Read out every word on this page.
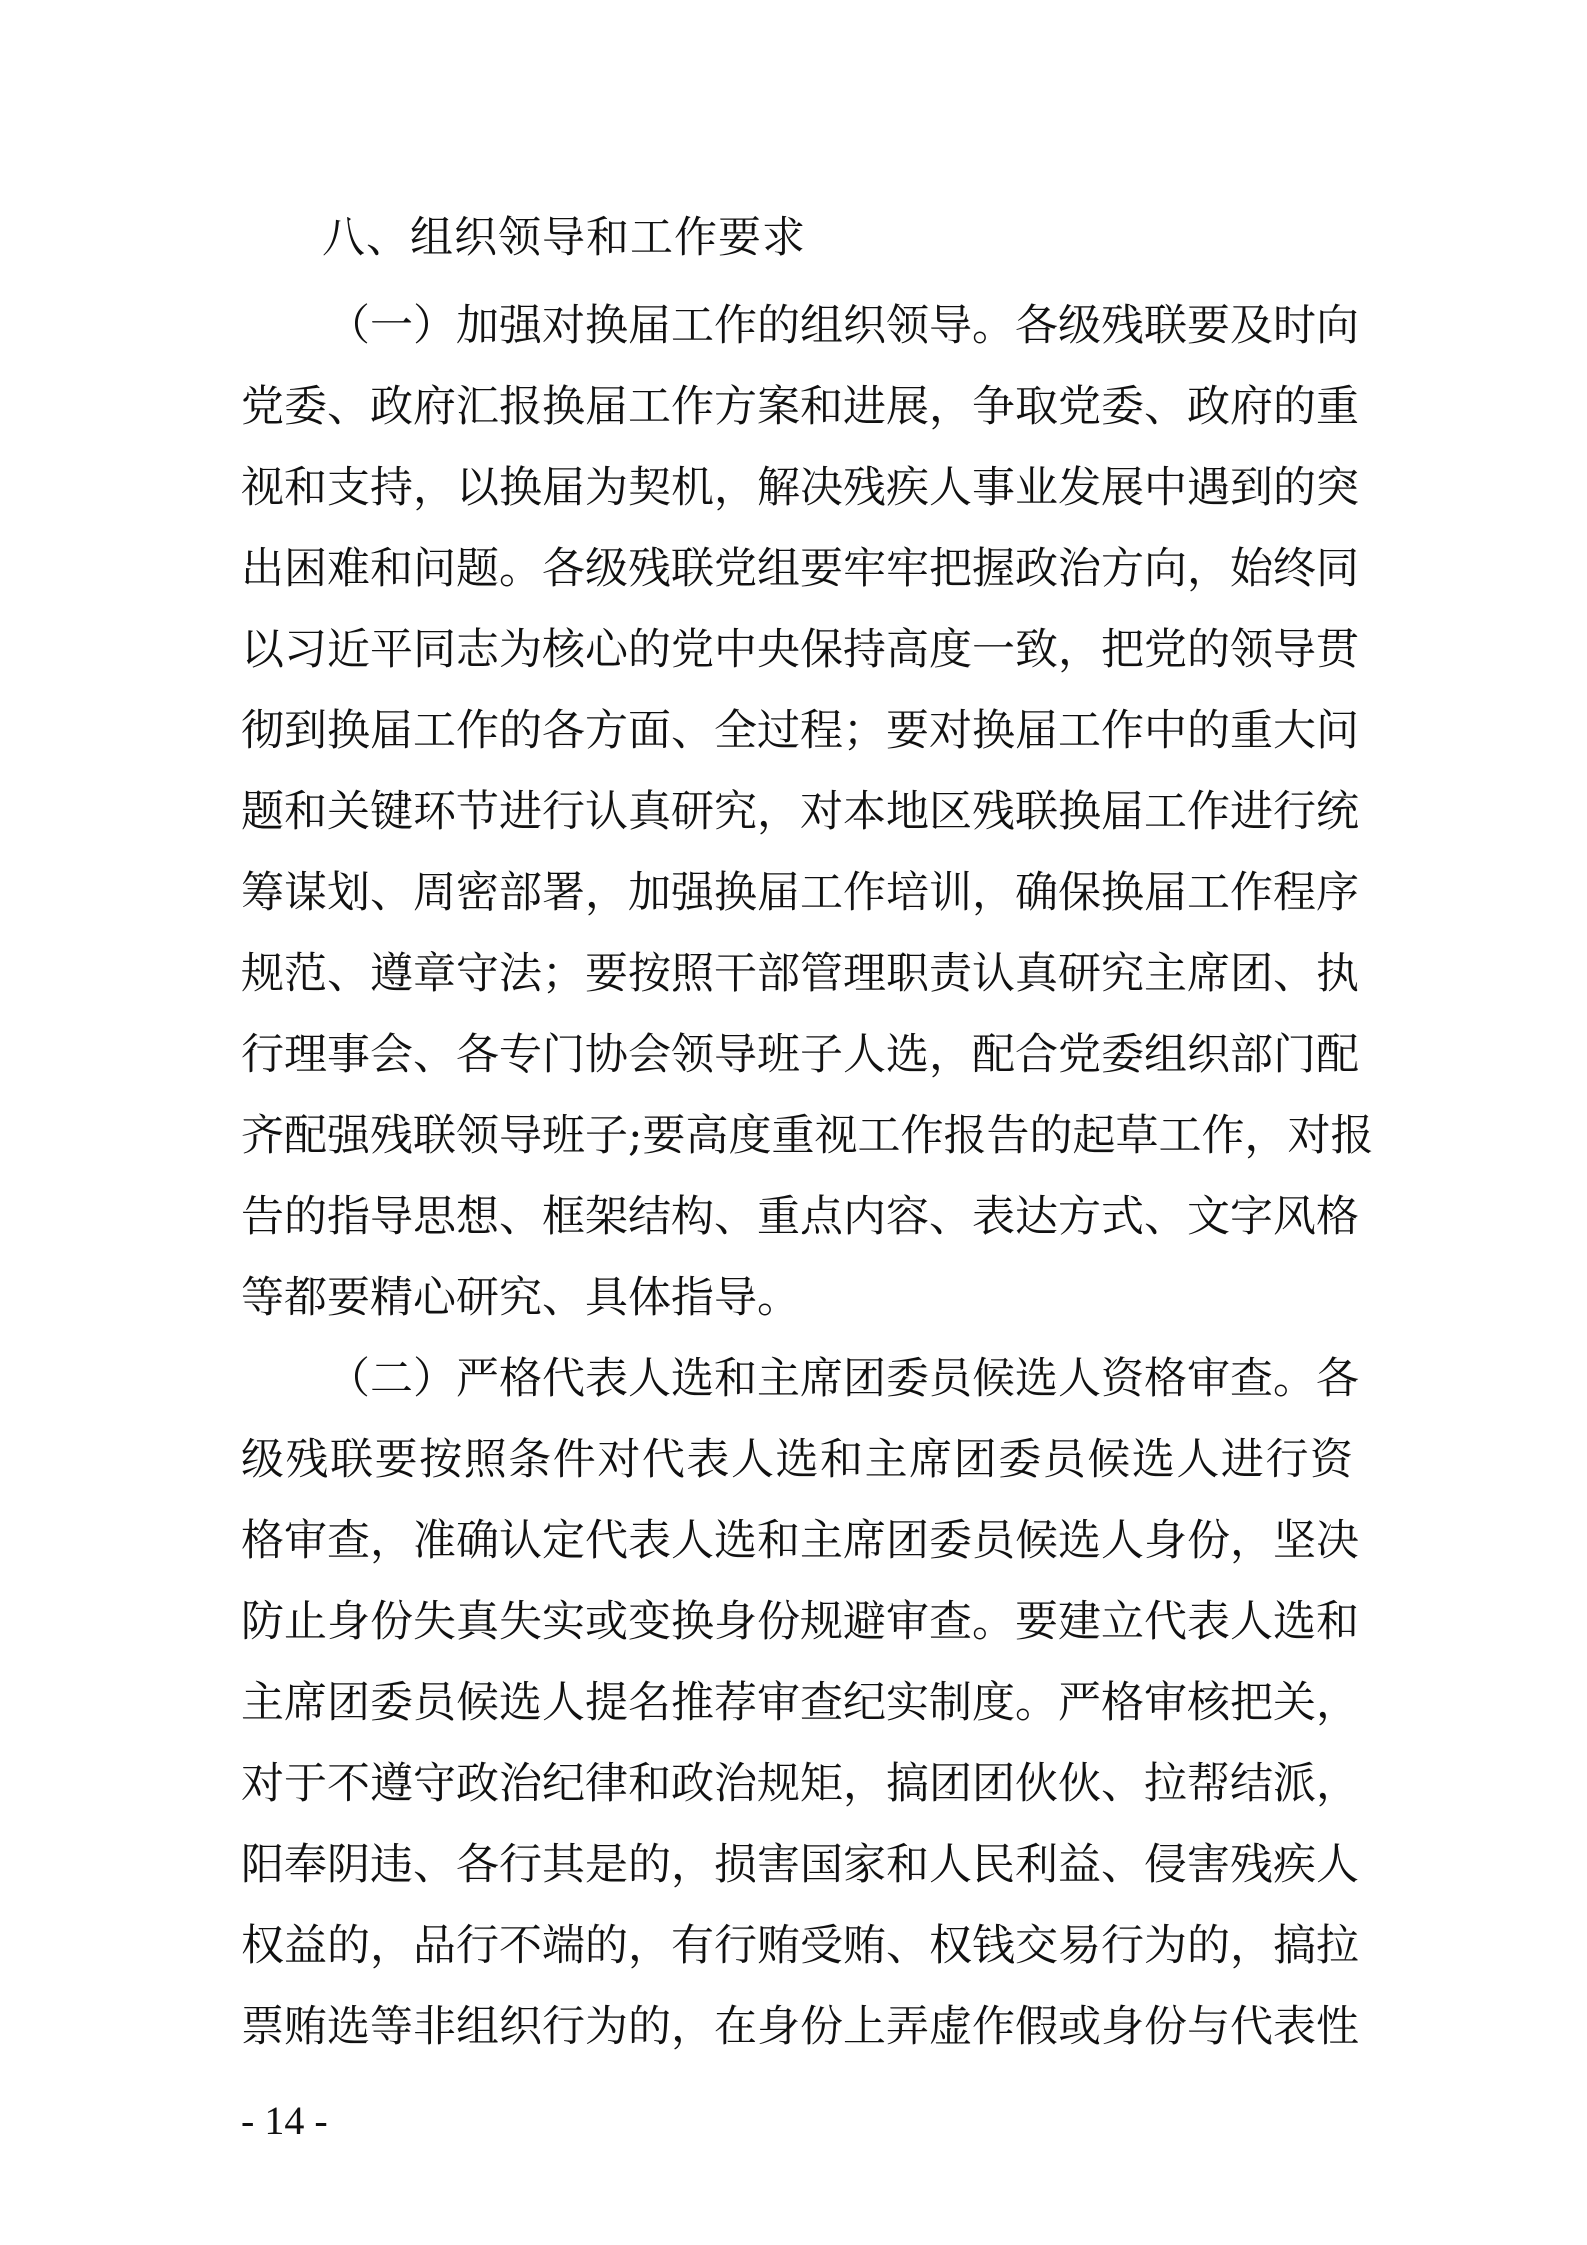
八、组织领导和工作要求
（一）加强对换届工作的组织领导。各级残联要及时向
党委、政府汇报换届工作方案和进展，争取党委、政府的重
视和支持，以换届为契机，解决残疾人事业发展中遇到的突
出困难和问题。各级残联党组要牢牢把握政治方向，始终同
以习近平同志为核心的党中央保持高度一致，把党的领导贯
彻到换届工作的各方面、全过程；要对换届工作中的重大问
题和关键环节进行认真研究，对本地区残联换届工作进行统
筹谋划、周密部署，加强换届工作培训，确保换届工作程序
规范、遵章守法；要按照干部管理职责认真研究主席团、执
行理事会、各专门协会领导班子人选，配合党委组织部门配
齐配强残联领导班子;要高度重视工作报告的起草工作，对报
告的指导思想、框架结构、重点内容、表达方式、文字风格
等都要精心研究、具体指导。
（二）严格代表人选和主席团委员候选人资格审查。各
级残联要按照条件对代表人选和主席团委员候选人进行资
格审查，准确认定代表人选和主席团委员候选人身份，坚决
防止身份失真失实或变换身份规避审查。要建立代表人选和
主席团委员候选人提名推荐审查纪实制度。严格审核把关，
对于不遵守政治纪律和政治规矩，搞团团伙伙、拉帮结派，
阳奉阴违、各行其是的，损害国家和人民利益、侵害残疾人
权益的，品行不端的，有行贿受贿、权钱交易行为的，搞拉
票贿选等非组织行为的，在身份上弄虚作假或身份与代表性
- 14 -
